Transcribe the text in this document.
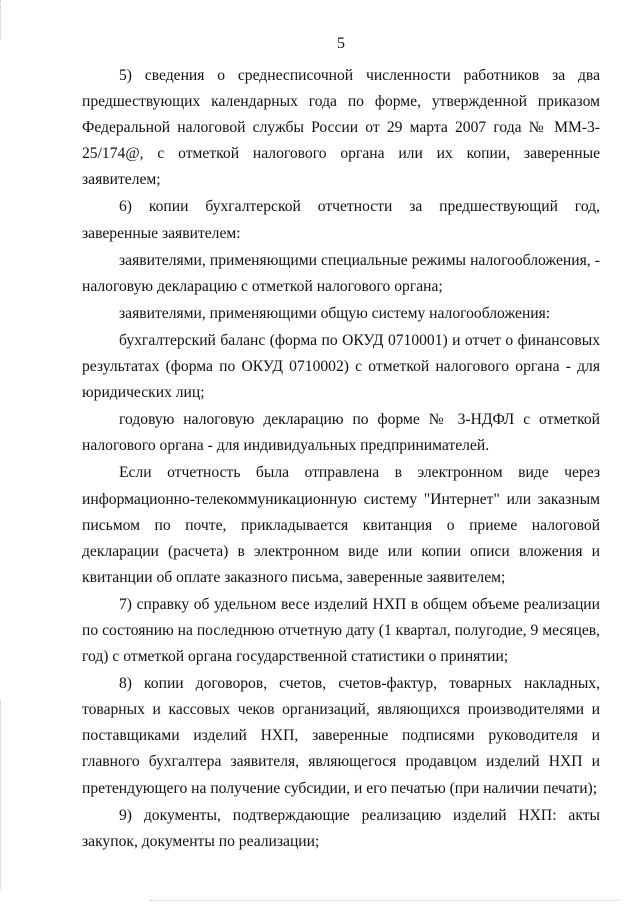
5

5) сведения о среднесписочной численности работников за два предшествующих календарных года по форме, утвержденной приказом Федеральной налоговой службы России от 29 марта 2007 года № ММ-3-25/174@, с отметкой налогового органа или их копии, заверенные заявителем;

6) копии бухгалтерской отчетности за предшествующий год, заверенные заявителем:

заявителями, применяющими специальные режимы налогообложения, - налоговую декларацию с отметкой налогового органа;

заявителями, применяющими общую систему налогообложения:

бухгалтерский баланс (форма по ОКУД 0710001) и отчет о финансовых результатах (форма по ОКУД 0710002) с отметкой налогового органа - для юридических лиц;

годовую налоговую декларацию по форме № 3-НДФЛ с отметкой налогового органа - для индивидуальных предпринимателей.

Если отчетность была отправлена в электронном виде через информационно-телекоммуникационную систему "Интернет" или заказным письмом по почте, прикладывается квитанция о приеме налоговой декларации (расчета) в электронном виде или копии описи вложения и квитанции об оплате заказного письма, заверенные заявителем;

7) справку об удельном весе изделий НХП в общем объеме реализации по состоянию на последнюю отчетную дату (1 квартал, полугодие, 9 месяцев, год) с отметкой органа государственной статистики о принятии;

8) копии договоров, счетов, счетов-фактур, товарных накладных, товарных и кассовых чеков организаций, являющихся производителями и поставщиками изделий НХП, заверенные подписями руководителя и главного бухгалтера заявителя, являющегося продавцом изделий НХП и претендующего на получение субсидии, и его печатью (при наличии печати);

9) документы, подтверждающие реализацию изделий НХП: акты закупок, документы по реализации;
